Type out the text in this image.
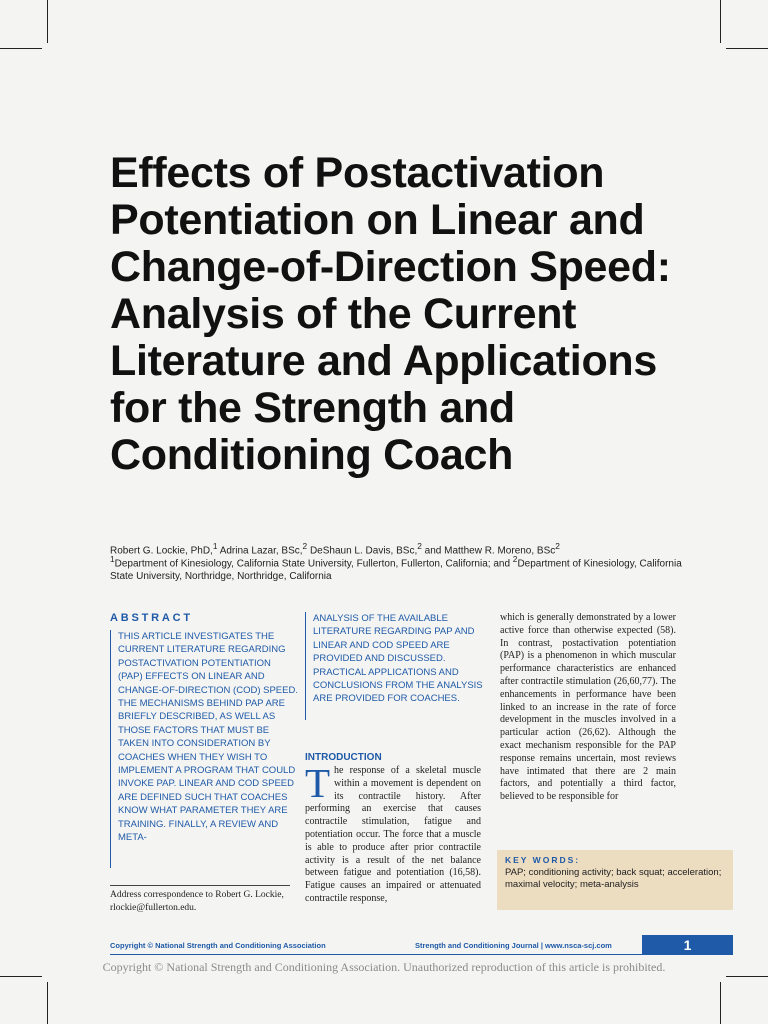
Effects of Postactivation Potentiation on Linear and Change-of-Direction Speed: Analysis of the Current Literature and Applications for the Strength and Conditioning Coach
Robert G. Lockie, PhD,$^1$ Adrina Lazar, BSc,$^2$ DeShaun L. Davis, BSc,$^2$ and Matthew R. Moreno, BSc$^2$
$^1$Department of Kinesiology, California State University, Fullerton, Fullerton, California; and $^2$Department of Kinesiology, California State University, Northridge, Northridge, California
ABSTRACT
THIS ARTICLE INVESTIGATES THE CURRENT LITERATURE REGARDING POSTACTIVATION POTENTIATION (PAP) EFFECTS ON LINEAR AND CHANGE-OF-DIRECTION (COD) SPEED. THE MECHANISMS BEHIND PAP ARE BRIEFLY DESCRIBED, AS WELL AS THOSE FACTORS THAT MUST BE TAKEN INTO CONSIDERATION BY COACHES WHEN THEY WISH TO IMPLEMENT A PROGRAM THAT COULD INVOKE PAP. LINEAR AND COD SPEED ARE DEFINED SUCH THAT COACHES KNOW WHAT PARAMETER THEY ARE TRAINING. FINALLY, A REVIEW AND META-
ANALYSIS OF THE AVAILABLE LITERATURE REGARDING PAP AND LINEAR AND COD SPEED ARE PROVIDED AND DISCUSSED. PRACTICAL APPLICATIONS AND CONCLUSIONS FROM THE ANALYSIS ARE PROVIDED FOR COACHES.
Address correspondence to Robert G. Lockie, rlockie@fullerton.edu.
INTRODUCTION
The response of a skeletal muscle within a movement is dependent on its contractile history. After performing an exercise that causes contractile stimulation, fatigue and potentiation occur. The force that a muscle is able to produce after prior contractile activity is a result of the net balance between fatigue and potentiation (16,58). Fatigue causes an impaired or attenuated contractile response,
which is generally demonstrated by a lower active force than otherwise expected (58). In contrast, postactivation potentiation (PAP) is a phenomenon in which muscular performance characteristics are enhanced after contractile stimulation (26,60,77). The enhancements in performance have been linked to an increase in the rate of force development in the muscles involved in a particular action (26,62). Although the exact mechanism responsible for the PAP response remains uncertain, most reviews have intimated that there are 2 main factors, and potentially a third factor, believed to be responsible for
KEY WORDS:
PAP; conditioning activity; back squat; acceleration; maximal velocity; meta-analysis
Copyright © National Strength and Conditioning Association	Strength and Conditioning Journal | www.nsca-scj.com	1
Copyright © National Strength and Conditioning Association. Unauthorized reproduction of this article is prohibited.
